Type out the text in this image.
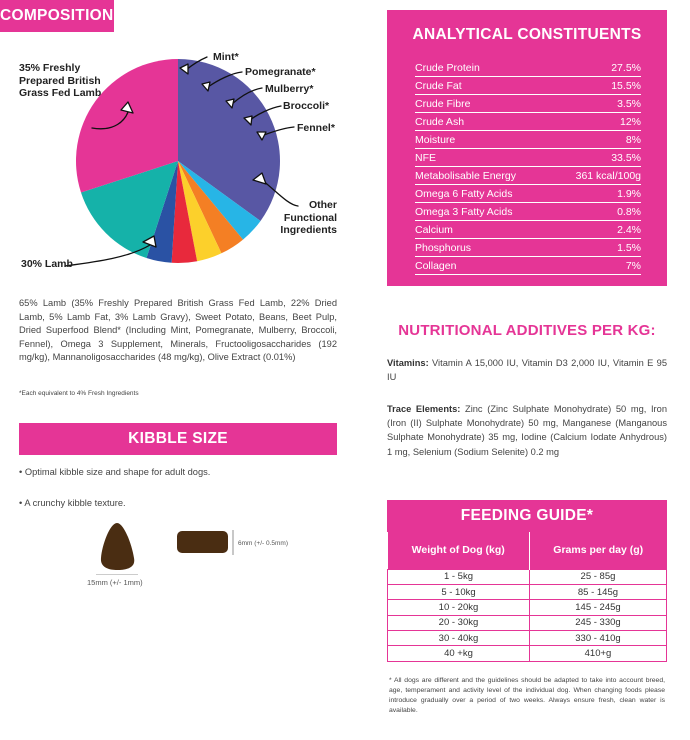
COMPOSITION
35% Freshly Prepared British Grass Fed Lamb
Mint*
Pomegranate*
Mulberry*
Broccoli*
Fennel*
Other Functional Ingredients
30% Lamb
65% Lamb (35% Freshly Prepared British Grass Fed Lamb, 22% Dried Lamb, 5% Lamb Fat, 3% Lamb Gravy), Sweet Potato, Beans, Beet Pulp, Dried Superfood Blend* (Including Mint, Pomegranate, Mulberry, Broccoli, Fennel), Omega 3 Supplement, Minerals, Fructooligosaccharides (192 mg/kg), Mannanoligosaccharides (48 mg/kg), Olive Extract (0.01%)
*Each equivalent to 4% Fresh Ingredients
KIBBLE SIZE
• Optimal kibble size and shape for adult dogs.
• A crunchy kibble texture.
15mm (+/- 1mm)
6mm (+/- 0.5mm)
ANALYTICAL CONSTITUENTS
Crude Protein	27.5%
Crude Fat	15.5%
Crude Fibre	3.5%
Crude Ash	12%
Moisture	8%
NFE	33.5%
Metabolisable Energy	361 kcal/100g
Omega 6 Fatty Acids	1.9%
Omega 3 Fatty Acids	0.8%
Calcium	2.4%
Phosphorus	1.5%
Collagen	7%
NUTRITIONAL ADDITIVES PER KG:
Vitamins: Vitamin A 15,000 IU, Vitamin D3 2,000 IU, Vitamin E 95 IU
Trace Elements: Zinc (Zinc Sulphate Monohydrate) 50 mg, Iron (Iron (II) Sulphate Monohydrate) 50 mg, Manganese (Manganous Sulphate Monohydrate) 35 mg, Iodine (Calcium Iodate Anhydrous) 1 mg, Selenium (Sodium Selenite) 0.2 mg
FEEDING GUIDE*
Weight of Dog (kg)	Grams per day (g)
1 - 5kg	25 - 85g
5 - 10kg	85 - 145g
10 - 20kg	145 - 245g
20 - 30kg	245 - 330g
30 - 40kg	330 - 410g
40 +kg	410+g
* All dogs are different and the guidelines should be adapted to take into account breed, age, temperament and activity level of the individual dog. When changing foods please introduce gradually over a period of two weeks. Always ensure fresh, clean water is available.
